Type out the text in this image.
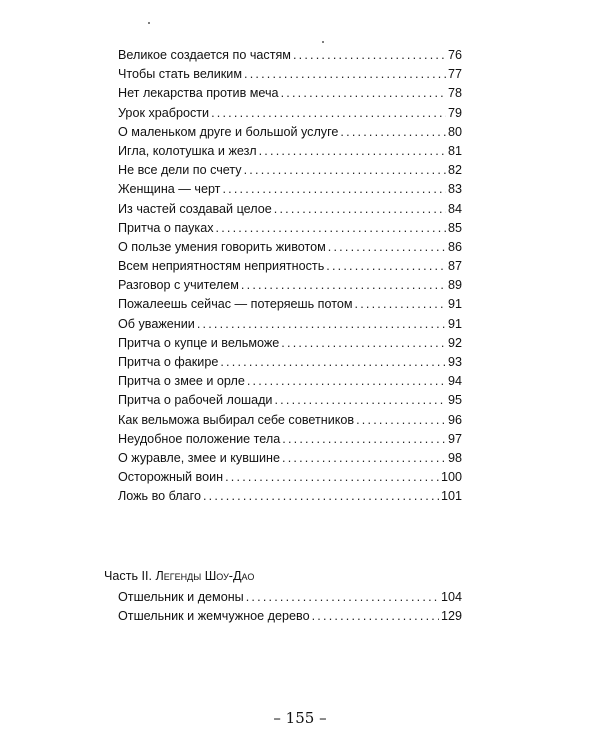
Великое создается по частям .....	76
Чтобы стать великим .....	77
Нет лекарства против меча .....	78
Урок храбрости .....	79
О маленьком друге и большой услуге .....	80
Игла, колотушка и жезл .....	81
Не все дели по счету .....	82
Женщина — черт .....	83
Из частей создавай целое .....	84
Притча о пауках .....	85
О пользе умения говорить животом .....	86
Всем неприятностям неприятность .....	87
Разговор с учителем .....	89
Пожалеешь сейчас — потеряешь потом .....	91
Об уважении .....	91
Притча о купце и вельможе .....	92
Притча о факире .....	93
Притча о змее и орле .....	94
Притча о рабочей лошади .....	95
Как вельможа выбирал себе советников .....	96
Неудобное положение тела .....	97
О журавле, змее и кувшине .....	98
Осторожный воин .....	100
Ложь во благо .....	101
Часть II. Легенды Шоу-Дао
Отшельник и демоны .....	104
Отшельник и жемчужное дерево .....	129
– 155 –
